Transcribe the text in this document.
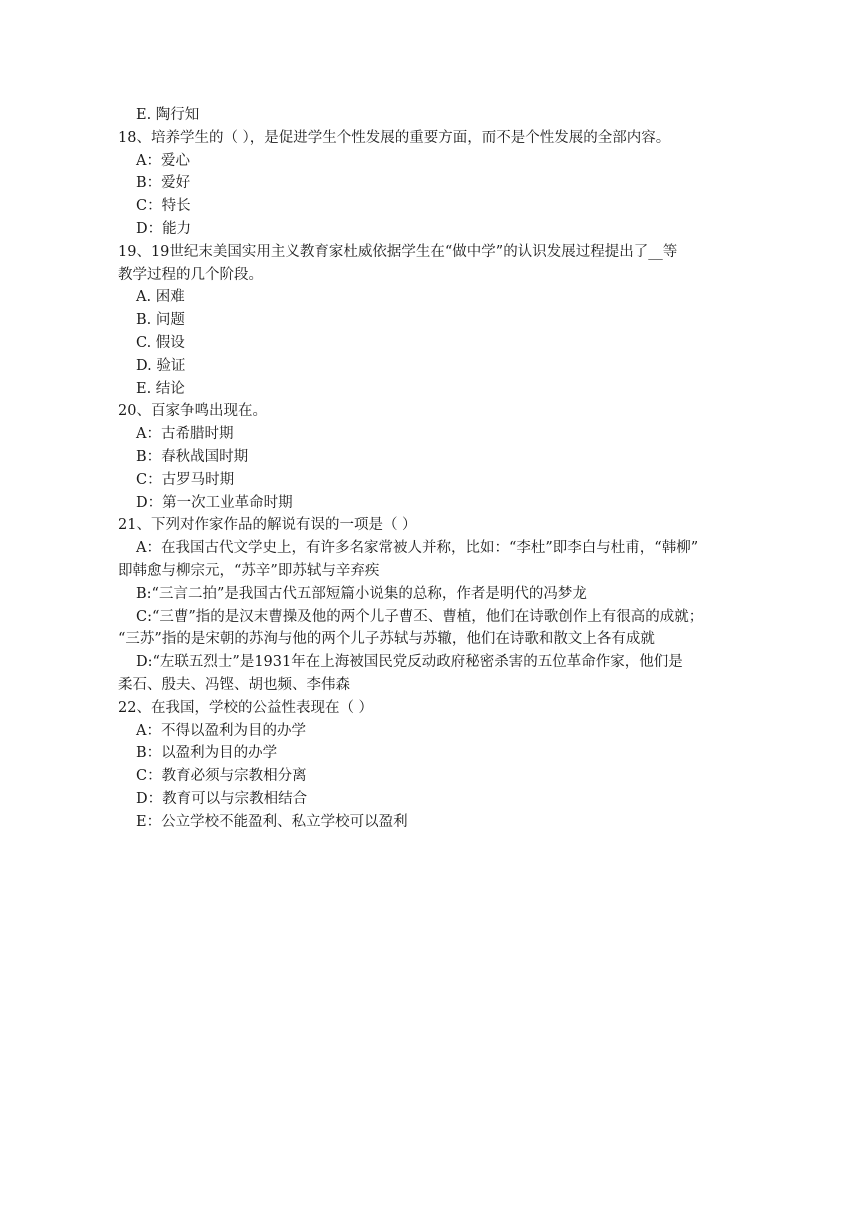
E. 陶行知
18、培养学生的（ ），是促进学生个性发展的重要方面，而不是个性发展的全部内容。
A：爱心
B：爱好
C：特长
D：能力
19、19世纪末美国实用主义教育家杜威依据学生在“做中学”的认识发展过程提出了__等
教学过程的几个阶段。
A. 困难
B. 问题
C. 假设
D. 验证
E. 结论
20、百家争鸣出现在。
A：古希腊时期
B：春秋战国时期
C：古罗马时期
D：第一次工业革命时期
21、下列对作家作品的解说有误的一项是（ ）
A：在我国古代文学史上，有许多名家常被人并称，比如：“李杜”即李白与杜甫，“韩柳”
即韩愈与柳宗元，“苏辛”即苏轼与辛弃疾
B:“三言二拍”是我国古代五部短篇小说集的总称，作者是明代的冯梦龙
C:“三曹”指的是汉末曹操及他的两个儿子曹丕、曹植，他们在诗歌创作上有很高的成就；
“三苏”指的是宋朝的苏洵与他的两个儿子苏轼与苏辙，他们在诗歌和散文上各有成就
D:“左联五烈士”是1931年在上海被国民党反动政府秘密杀害的五位革命作家，他们是
柔石、殷夫、冯铿、胡也频、李伟森
22、在我国，学校的公益性表现在（ ）
A：不得以盈利为目的办学
B：以盈利为目的办学
C：教育必须与宗教相分离
D：教育可以与宗教相结合
E：公立学校不能盈利、私立学校可以盈利
